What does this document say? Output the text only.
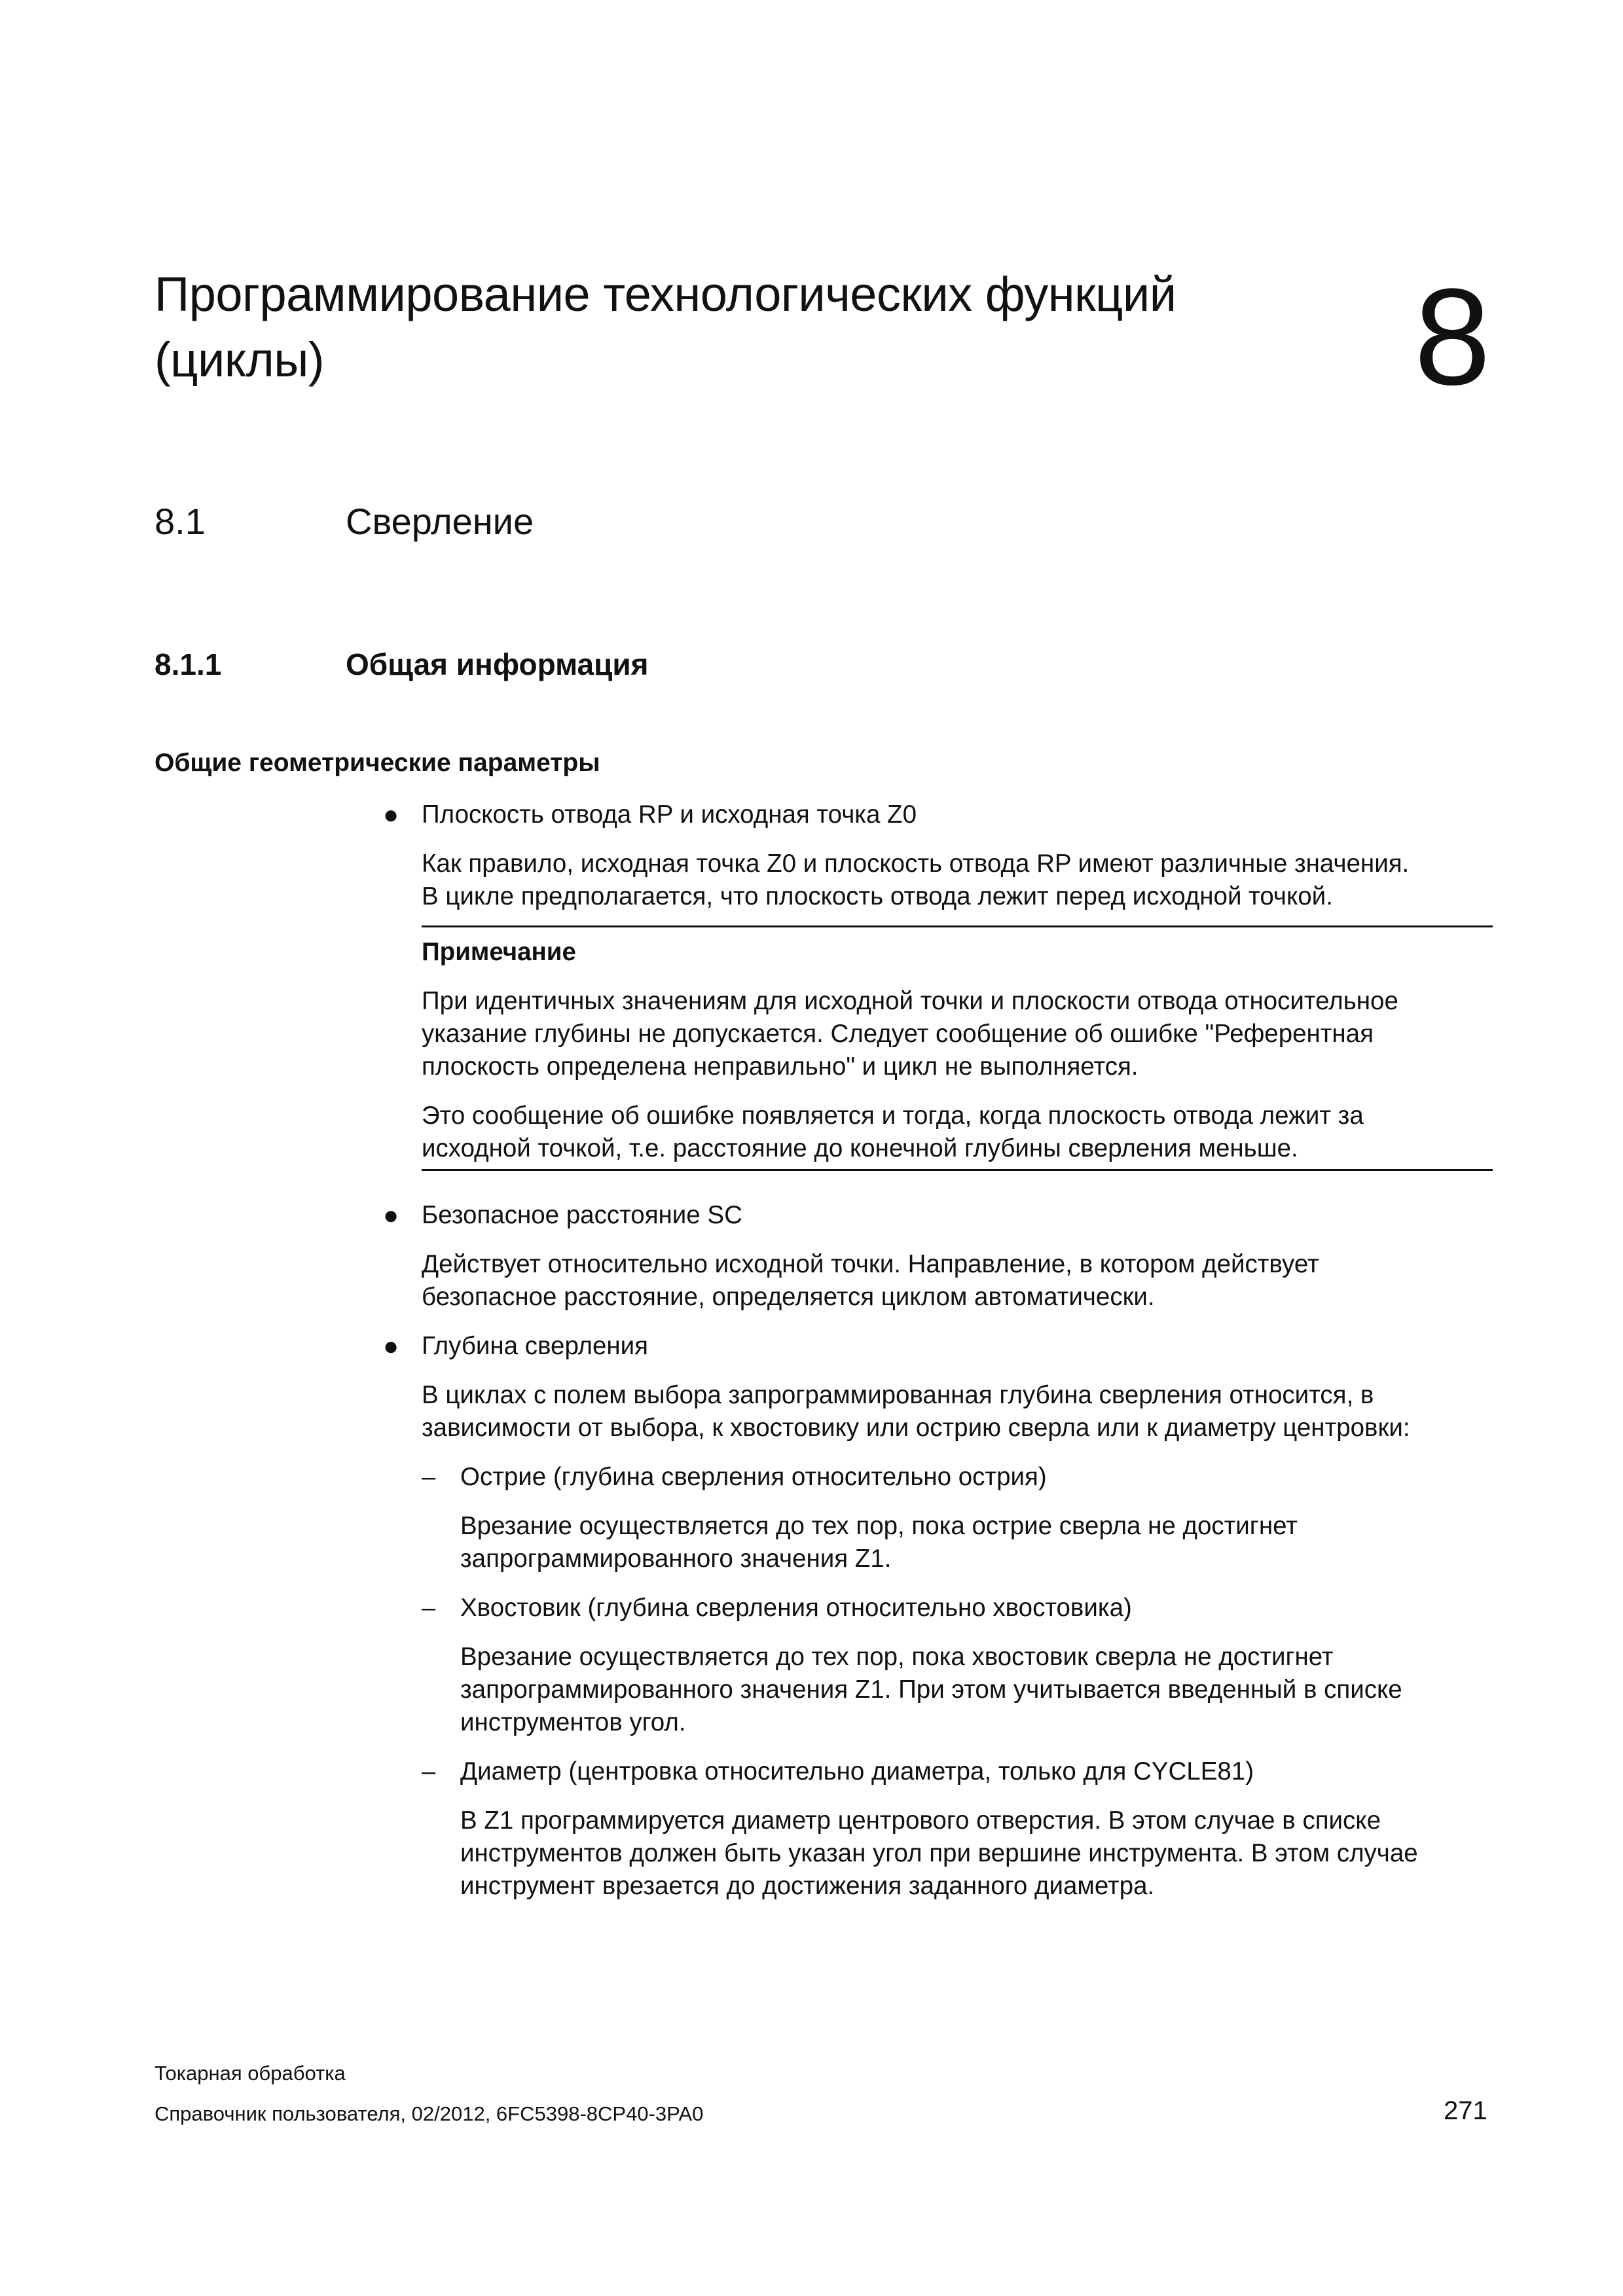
Программирование технологических функций
(циклы)	8
8.1	Сверление
8.1.1	Общая информация
Общие геометрические параметры
● Плоскость отвода RP и исходная точка Z0
Как правило, исходная точка Z0 и плоскость отвода RP имеют различные значения.
В цикле предполагается, что плоскость отвода лежит перед исходной точкой.
Примечание
При идентичных значениям для исходной точки и плоскости отвода относительное
указание глубины не допускается. Следует сообщение об ошибке "Референтная
плоскость определена неправильно" и цикл не выполняется.
Это сообщение об ошибке появляется и тогда, когда плоскость отвода лежит за
исходной точкой, т.е. расстояние до конечной глубины сверления меньше.
● Безопасное расстояние SC
Действует относительно исходной точки. Направление, в котором действует
безопасное расстояние, определяется циклом автоматически.
● Глубина сверления
В циклах с полем выбора запрограммированная глубина сверления относится, в
зависимости от выбора, к хвостовику или острию сверла или к диаметру центровки:
– Острие (глубина сверления относительно острия)
Врезание осуществляется до тех пор, пока острие сверла не достигнет
запрограммированного значения Z1.
– Хвостовик (глубина сверления относительно хвостовика)
Врезание осуществляется до тех пор, пока хвостовик сверла не достигнет
запрограммированного значения Z1. При этом учитывается введенный в списке
инструментов угол.
– Диаметр (центровка относительно диаметра, только для CYCLE81)
В Z1 программируется диаметр центрового отверстия. В этом случае в списке
инструментов должен быть указан угол при вершине инструмента. В этом случае
инструмент врезается до достижения заданного диаметра.
Токарная обработка
Справочник пользователя, 02/2012, 6FC5398-8CP40-3PA0	271
